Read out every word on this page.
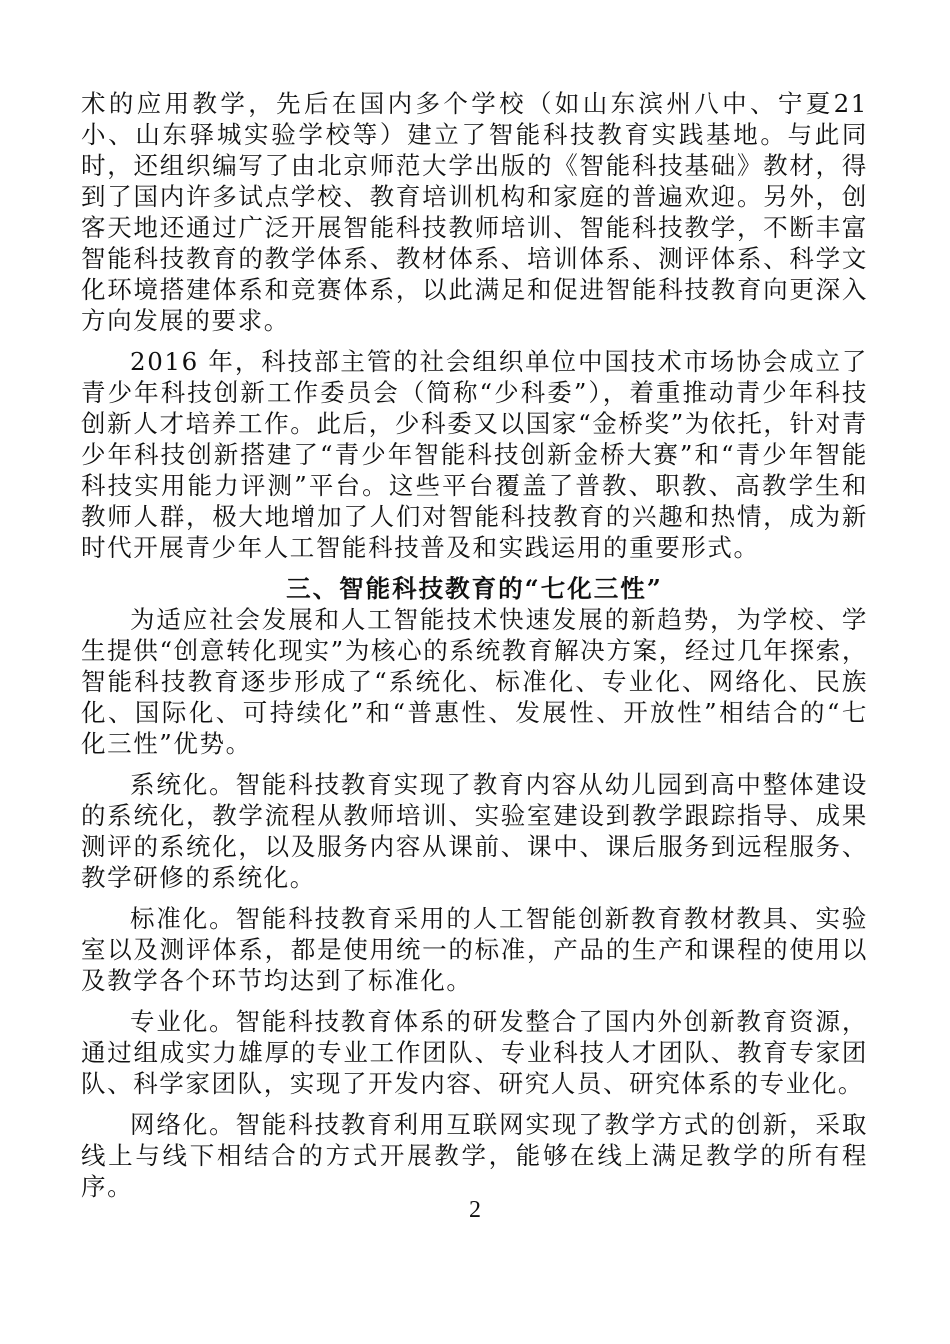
术的应用教学，先后在国内多个学校（如山东滨州八中、宁夏21小、山东驿城实验学校等）建立了智能科技教育实践基地。与此同时，还组织编写了由北京师范大学出版的《智能科技基础》教材，得到了国内许多试点学校、教育培训机构和家庭的普遍欢迎。另外，创客天地还通过广泛开展智能科技教师培训、智能科技教学，不断丰富智能科技教育的教学体系、教材体系、培训体系、测评体系、科学文化环境搭建体系和竞赛体系，以此满足和促进智能科技教育向更深入方向发展的要求。

2016 年，科技部主管的社会组织单位中国技术市场协会成立了青少年科技创新工作委员会（简称“少科委”），着重推动青少年科技创新人才培养工作。此后，少科委又以国家“金桥奖”为依托，针对青少年科技创新搭建了“青少年智能科技创新金桥大赛”和“青少年智能科技实用能力评测”平台。这些平台覆盖了普教、职教、高教学生和教师人群，极大地增加了人们对智能科技教育的兴趣和热情，成为新时代开展青少年人工智能科技普及和实践运用的重要形式。

三、智能科技教育的“七化三性”

为适应社会发展和人工智能技术快速发展的新趋势，为学校、学生提供“创意转化现实”为核心的系统教育解决方案，经过几年探索，智能科技教育逐步形成了“系统化、标准化、专业化、网络化、民族化、国际化、可持续化”和“普惠性、发展性、开放性”相结合的“七化三性”优势。

系统化。智能科技教育实现了教育内容从幼儿园到高中整体建设的系统化，教学流程从教师培训、实验室建设到教学跟踪指导、成果测评的系统化，以及服务内容从课前、课中、课后服务到远程服务、教学研修的系统化。

标准化。智能科技教育采用的人工智能创新教育教材教具、实验室以及测评体系，都是使用统一的标准，产品的生产和课程的使用以及教学各个环节均达到了标准化。

专业化。智能科技教育体系的研发整合了国内外创新教育资源，通过组成实力雄厚的专业工作团队、专业科技人才团队、教育专家团队、科学家团队，实现了开发内容、研究人员、研究体系的专业化。

网络化。智能科技教育利用互联网实现了教学方式的创新，采取线上与线下相结合的方式开展教学，能够在线上满足教学的所有程序。

2
